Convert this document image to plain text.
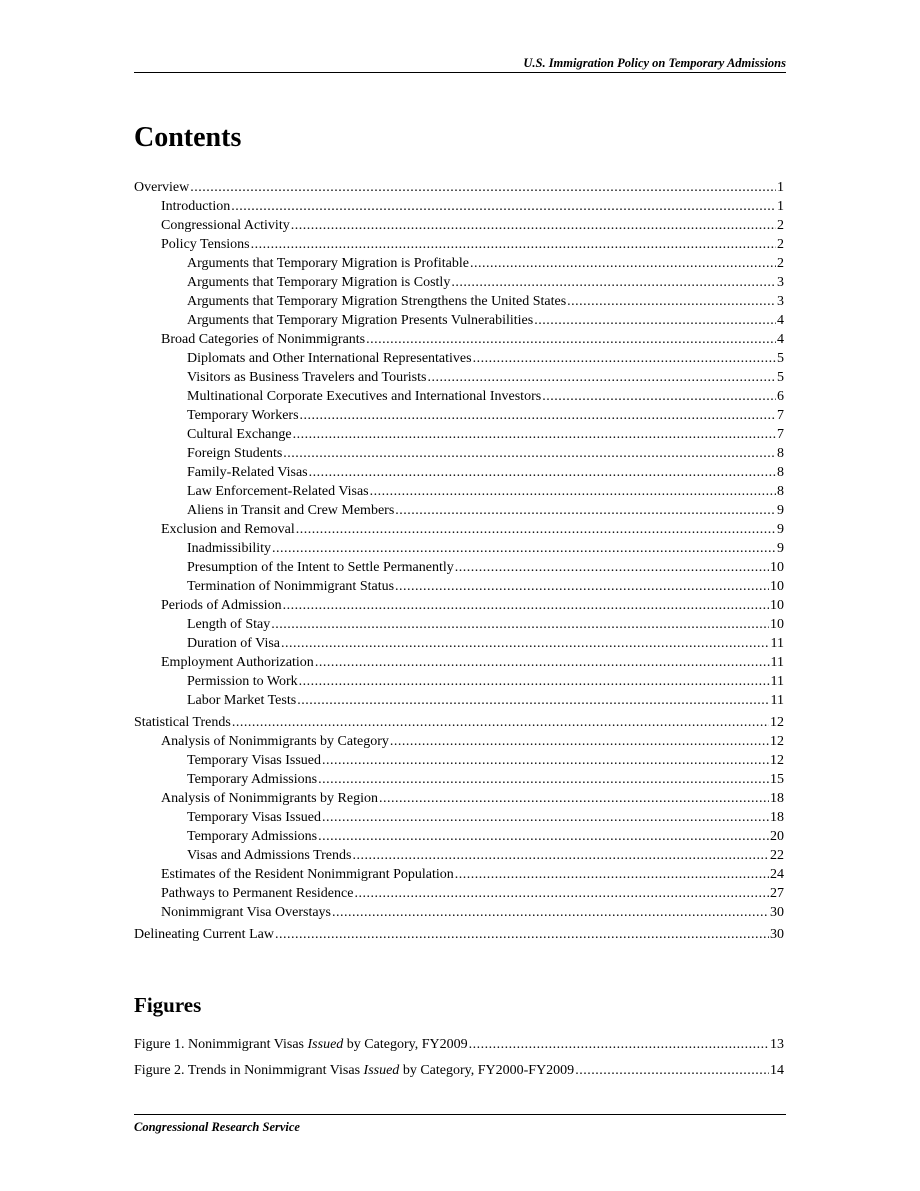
U.S. Immigration Policy on Temporary Admissions
Contents
Overview .....	1
Introduction .....	1
Congressional Activity .....	2
Policy Tensions .....	2
Arguments that Temporary Migration is Profitable .....	2
Arguments that Temporary Migration is Costly .....	3
Arguments that Temporary Migration Strengthens the United States .....	3
Arguments that Temporary Migration Presents Vulnerabilities .....	4
Broad Categories of Nonimmigrants .....	4
Diplomats and Other International Representatives .....	5
Visitors as Business Travelers and Tourists .....	5
Multinational Corporate Executives and International Investors .....	6
Temporary Workers .....	7
Cultural Exchange .....	7
Foreign Students .....	8
Family-Related Visas .....	8
Law Enforcement-Related Visas .....	8
Aliens in Transit and Crew Members .....	9
Exclusion and Removal .....	9
Inadmissibility .....	9
Presumption of the Intent to Settle Permanently .....	10
Termination of Nonimmigrant Status .....	10
Periods of Admission .....	10
Length of Stay .....	10
Duration of Visa .....	11
Employment Authorization .....	11
Permission to Work .....	11
Labor Market Tests .....	11
Statistical Trends .....	12
Analysis of Nonimmigrants by Category .....	12
Temporary Visas Issued .....	12
Temporary Admissions .....	15
Analysis of Nonimmigrants by Region .....	18
Temporary Visas Issued .....	18
Temporary Admissions .....	20
Visas and Admissions Trends .....	22
Estimates of the Resident Nonimmigrant Population .....	24
Pathways to Permanent Residence .....	27
Nonimmigrant Visa Overstays .....	30
Delineating Current Law .....	30
Figures
Figure 1. Nonimmigrant Visas Issued by Category, FY2009 .....	13
Figure 2. Trends in Nonimmigrant Visas Issued by Category, FY2000-FY2009 .....	14
Congressional Research Service
